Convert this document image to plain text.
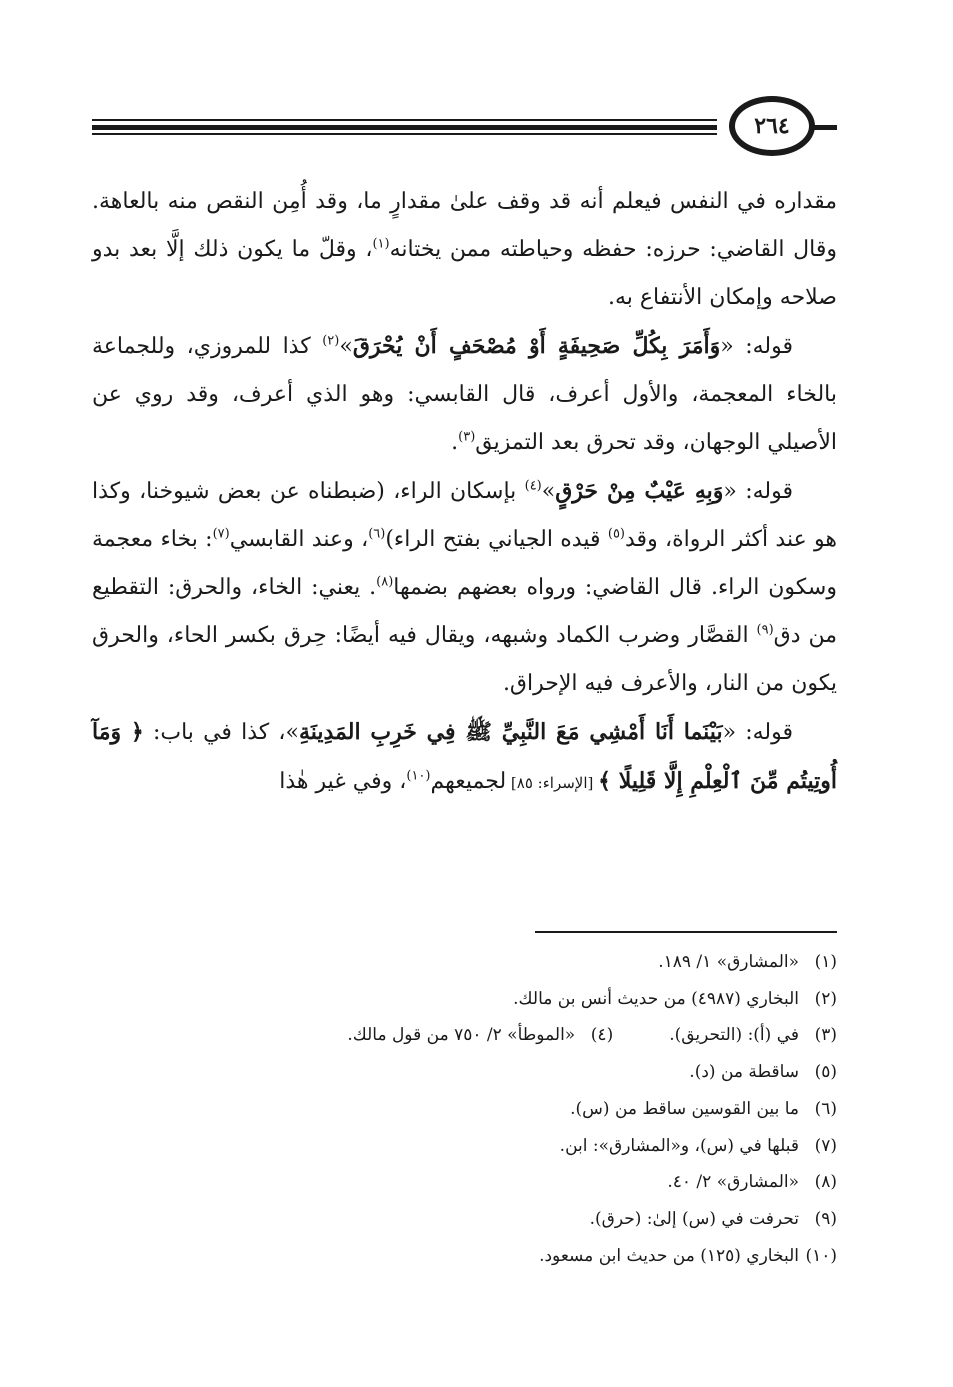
٢٦٤

مقداره في النفس فيعلم أنه قد وقف علىٰ مقدارٍ ما، وقد أُمِن النقص منه بالعاهة. وقال القاضي: حرزه: حفظه وحياطته ممن يختانه$^{(١)}$، وقلّ ما يكون ذلك إلَّا بعد بدو صلاحه وإمكان الأنتفاع به.

قوله: «وَأَمَرَ بِكُلِّ صَحِيفَةٍ أَوْ مُصْحَفٍ أَنْ يُحْرَقَ»$^{(٢)}$ كذا للمروزي، وللجماعة بالخاء المعجمة، والأول أعرف، قال القابسي: وهو الذي أعرف، وقد روي عن الأصيلي الوجهان، وقد تحرق بعد التمزيق$^{(٣)}$.

قوله: «وَبِهِ عَيْبٌ مِنْ حَرْقٍ»$^{(٤)}$ بإسكان الراء، (ضبطناه عن بعض شيوخنا، وكذا هو عند أكثر الرواة، وقد$^{(٥)}$ قيده الجياني بفتح الراء)$^{(٦)}$، وعند القابسي$^{(٧)}$: بخاء معجمة وسكون الراء. قال القاضي: ورواه بعضهم بضمها$^{(٨)}$. يعني: الخاء، والحرق: التقطيع من دق$^{(٩)}$ القصَّار وضرب الكماد وشبهه، ويقال فيه أيضًا: حِرق بكسر الحاء، والحرق يكون من النار، والأعرف فيه الإحراق.

قوله: «بَيْنَما أَنَا أَمْشِي مَعَ النَّبِيِّ ﷺ فِي خَرِبِ المَدِينَةِ»، كذا في باب: ﴿ وَمَآ أُوتِيتُم مِّنَ ٱلْعِلْمِ إِلَّا قَلِيلًا ﴾ [الإسراء: ٨٥] لجميعهم$^{(١٠)}$، وفي غير هٰذا

(١)«المشارق» ١/ ١٨٩.
(٢)البخاري (٤٩٨٧) من حديث أنس بن مالك.
(٣)في (أ): (التحريق).(٤)«الموطأ» ٢/ ٧٥٠ من قول مالك.
(٥)ساقطة من (د).
(٦)ما بين القوسين ساقط من (س).
(٧)قبلها في (س)، و«المشارق»: ابن.
(٨)«المشارق» ٢/ ٤٠.
(٩)تحرفت في (س) إلىٰ: (حرق).
(١٠)البخاري (١٢٥) من حديث ابن مسعود.
